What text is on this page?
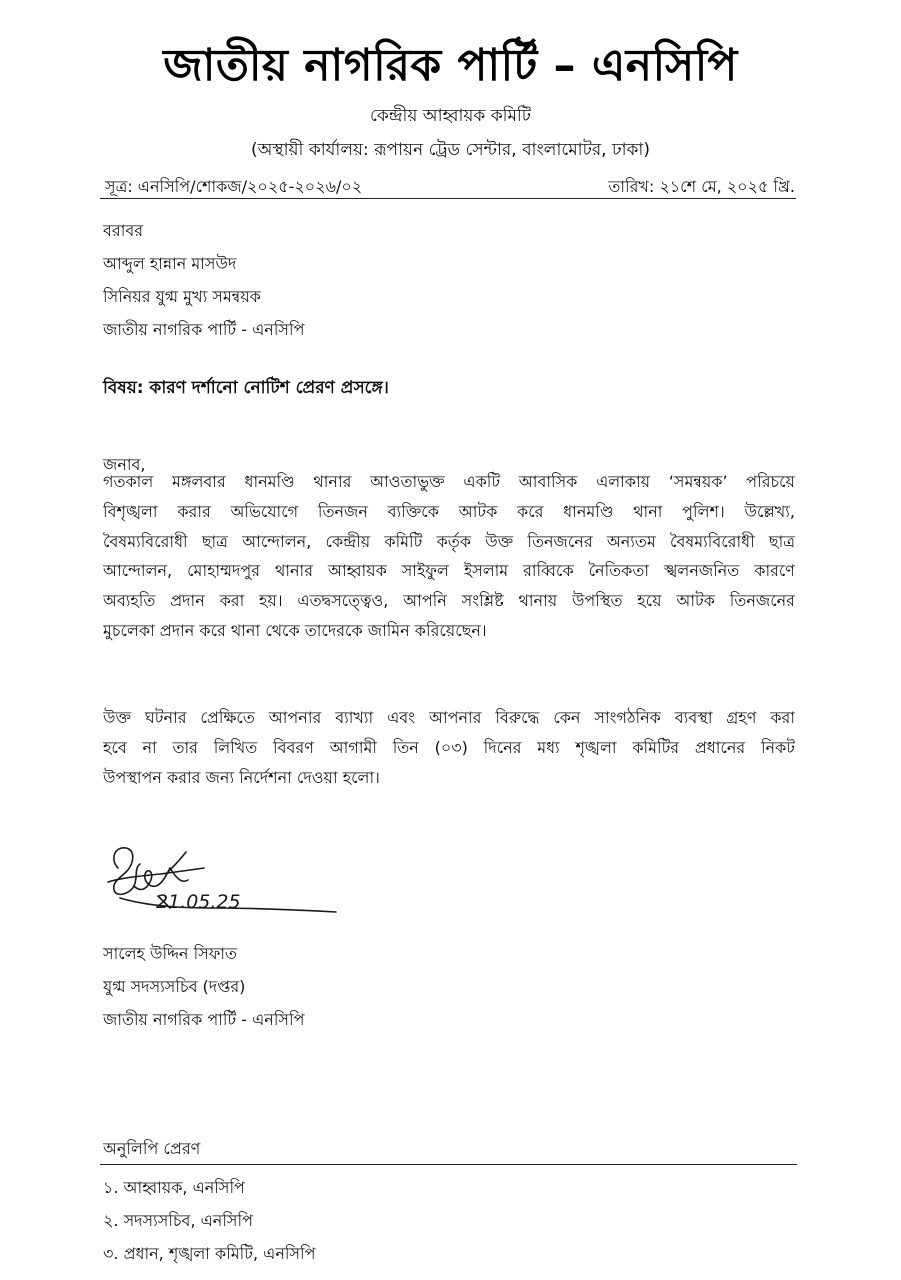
জাতীয় নাগরিক পার্টি – এনসিপি
কেন্দ্রীয় আহ্বায়ক কমিটি
(অস্থায়ী কার্যালয়: রূপায়ন ট্রেড সেন্টার, বাংলামোটর, ঢাকা)
সূত্র: এনসিপি/শোকজ/২০২৫-২০২৬/০২	তারিখ: ২১শে মে, ২০২৫ খ্রি.
বরাবর
আব্দুল হান্নান মাসউদ
সিনিয়র যুগ্ম মুখ্য সমন্বয়ক
জাতীয় নাগরিক পার্টি - এনসিপি
বিষয়: কারণ দর্শানো নোটিশ প্রেরণ প্রসঙ্গে।
জনাব,
গতকাল মঙ্গলবার ধানমণ্ডি থানার আওতাভুক্ত একটি আবাসিক এলাকায় ‘সমন্বয়ক’ পরিচয়ে
বিশৃঙ্খলা করার অভিযোগে তিনজন ব্যক্তিকে আটক করে ধানমণ্ডি থানা পুলিশ। উল্লেখ্য,
বৈষম্যবিরোধী ছাত্র আন্দোলন, কেন্দ্রীয় কমিটি কর্তৃক উক্ত তিনজনের অন্যতম বৈষম্যবিরোধী ছাত্র
আন্দোলন, মোহাম্মদপুর থানার আহ্বায়ক সাইফুল ইসলাম রাব্বিকে নৈতিকতা স্খলনজনিত কারণে
অব্যহতি প্রদান করা হয়। এতদ্বসত্ত্বেও, আপনি সংশ্লিষ্ট থানায় উপস্থিত হয়ে আটক তিনজনের
মুচলেকা প্রদান করে থানা থেকে তাদেরকে জামিন করিয়েছেন।
উক্ত ঘটনার প্রেক্ষিতে আপনার ব্যাখ্যা এবং আপনার বিরুদ্ধে কেন সাংগঠনিক ব্যবস্থা গ্রহণ করা
হবে না তার লিখিত বিবরণ আগামী তিন (০৩) দিনের মধ্য শৃঙ্খলা কমিটির প্রধানের নিকট
উপস্থাপন করার জন্য নির্দেশনা দেওয়া হলো।
21.05.25
সালেহ উদ্দিন সিফাত
যুগ্ম সদস্যসচিব (দপ্তর)
জাতীয় নাগরিক পার্টি - এনসিপি
অনুলিপি প্রেরণ
১. আহ্বায়ক, এনসিপি
২. সদস্যসচিব, এনসিপি
৩. প্রধান, শৃঙ্খলা কমিটি, এনসিপি
